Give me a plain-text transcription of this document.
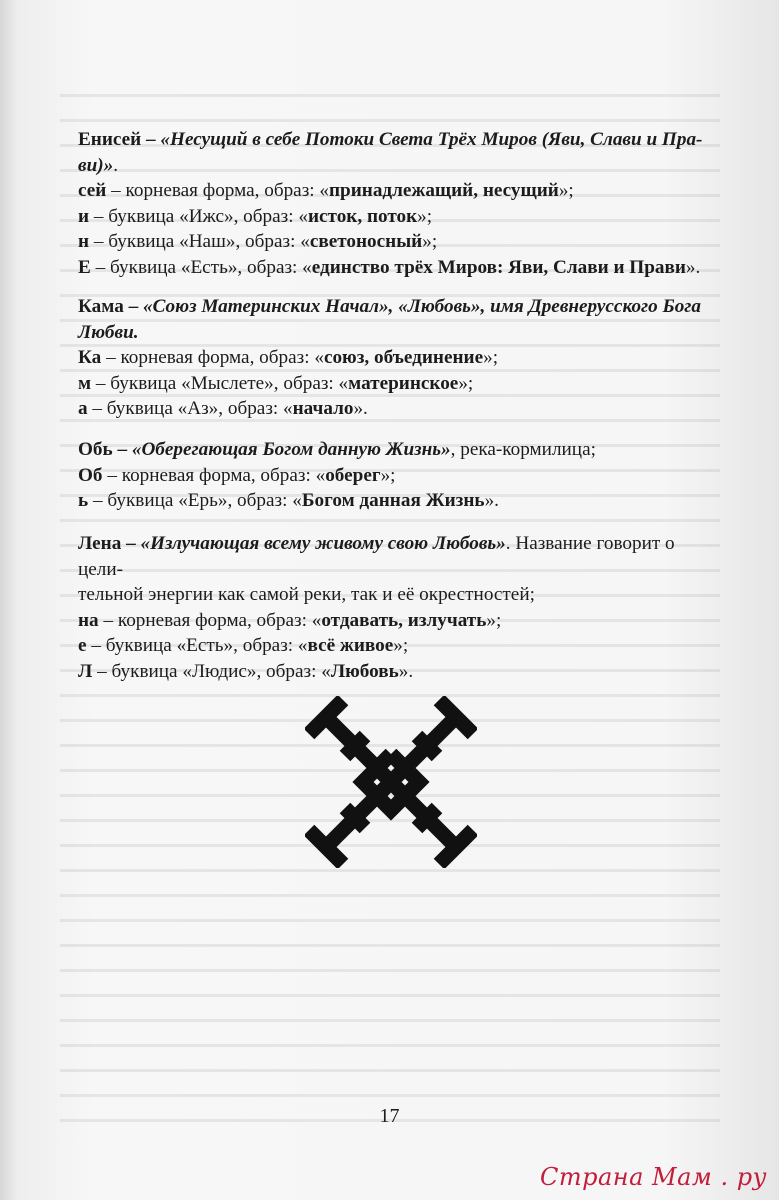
Енисей – «Несущий в себе Потоки Света Трёх Миров (Яви, Слави и Пра-

ви)».

сей – корневая форма, образ: «принадлежащий, несущий»;

и – буквица «Ижс», образ: «исток, поток»;

н – буквица «Наш», образ: «светоносный»;

Е – буквица «Есть», образ: «единство трёх Миров: Яви, Слави и Прави».

Кама – «Союз Материнских Начал», «Любовь», имя Древнерусского Бога

Любви.

Ка – корневая форма, образ: «союз, объединение»;

м – буквица «Мыслете», образ: «материнское»;

а – буквица «Аз», образ: «начало».

Обь – «Оберегающая Богом данную Жизнь», река-кормилица;

Об – корневая форма, образ: «оберег»;

ь – буквица «Ерь», образ: «Богом данная Жизнь».

Лена – «Излучающая всему живому свою Любовь». Название говорит о цели-

тельной энергии как самой реки, так и её окрестностей;

на – корневая форма, образ: «отдавать, излучать»;

е – буквица «Есть», образ: «всё живое»;

Л – буквица «Людис», образ: «Любовь».

17
Страна Мам . ру
